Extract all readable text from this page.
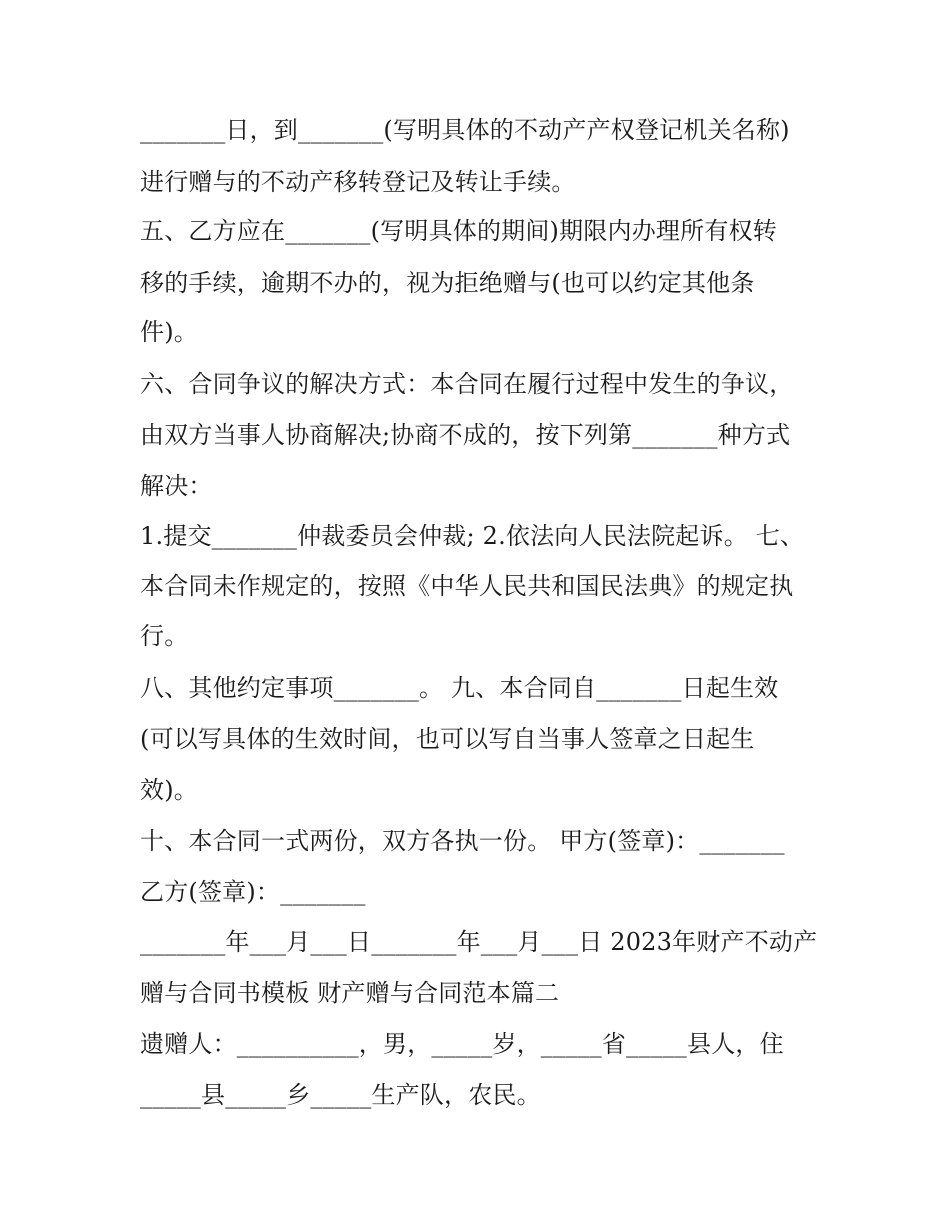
_______日，到_______(写明具体的不动产产权登记机关名称)

进行赠与的不动产移转登记及转让手续。

五、乙方应在_______(写明具体的期间)期限内办理所有权转

移的手续，逾期不办的，视为拒绝赠与(也可以约定其他条

件)。

六、合同争议的解决方式：本合同在履行过程中发生的争议，

由双方当事人协商解决;协商不成的，按下列第_______种方式

解决：

1.提交_______仲裁委员会仲裁; 2.依法向人民法院起诉。 七、

本合同未作规定的，按照《中华人民共和国民法典》的规定执

行。

八、其他约定事项_______。 九、本合同自_______日起生效

(可以写具体的生效时间，也可以写自当事人签章之日起生

效)。

十、本合同一式两份，双方各执一份。 甲方(签章)：_______

乙方(签章)：_______

_______年___月___日_______年___月___日 2023年财产不动产

赠与合同书模板 财产赠与合同范本篇二

遗赠人：__________，男，_____岁，_____省_____县人，住

_____县_____乡_____生产队，农民。
